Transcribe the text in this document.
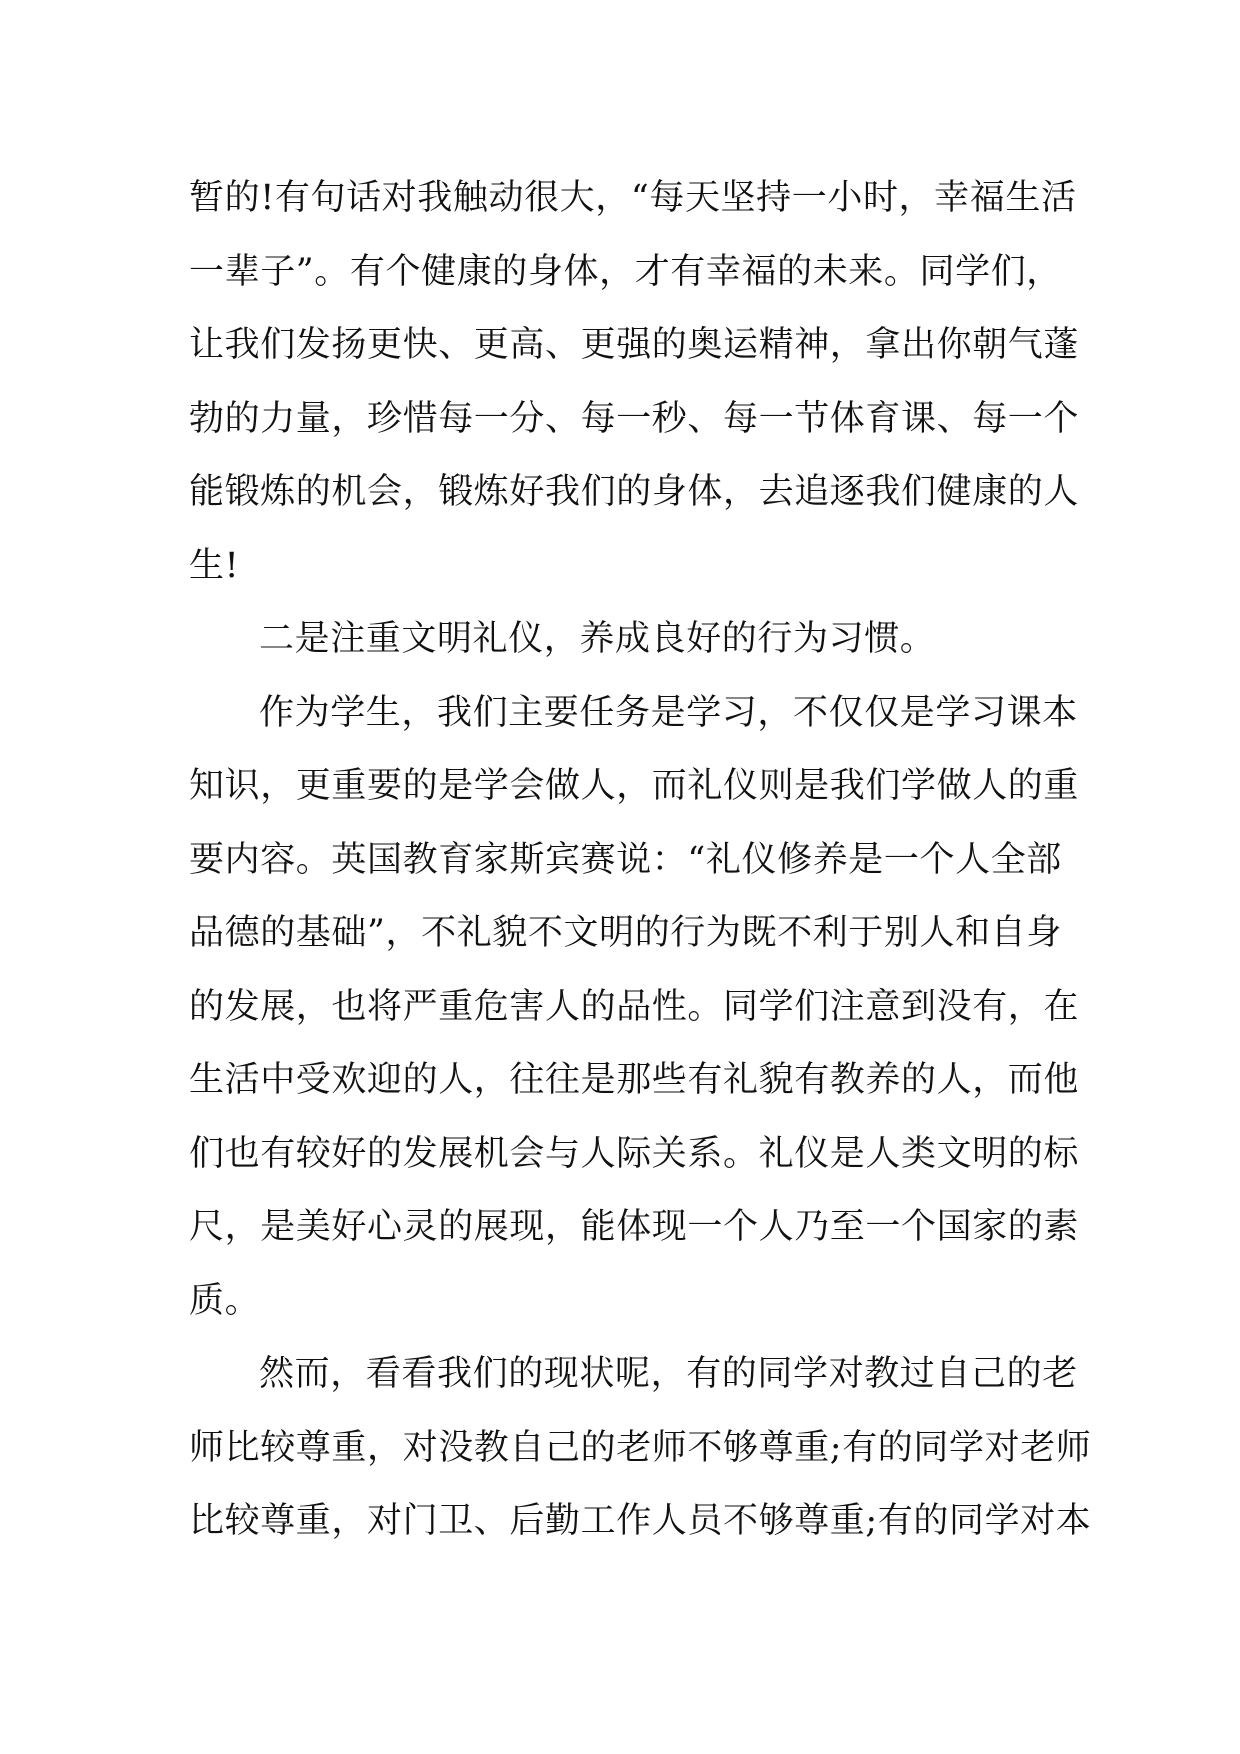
暂的!有句话对我触动很大，“每天坚持一小时，幸福生活
一辈子”。有个健康的身体，才有幸福的未来。同学们，
让我们发扬更快、更高、更强的奥运精神，拿出你朝气蓬
勃的力量，珍惜每一分、每一秒、每一节体育课、每一个
能锻炼的机会，锻炼好我们的身体，去追逐我们健康的人
生!
二是注重文明礼仪，养成良好的行为习惯。
作为学生，我们主要任务是学习，不仅仅是学习课本
知识，更重要的是学会做人，而礼仪则是我们学做人的重
要内容。英国教育家斯宾赛说：“礼仪修养是一个人全部
品德的基础”，不礼貌不文明的行为既不利于别人和自身
的发展，也将严重危害人的品性。同学们注意到没有，在
生活中受欢迎的人，往往是那些有礼貌有教养的人，而他
们也有较好的发展机会与人际关系。礼仪是人类文明的标
尺，是美好心灵的展现，能体现一个人乃至一个国家的素
质。
然而，看看我们的现状呢，有的同学对教过自己的老
师比较尊重，对没教自己的老师不够尊重;有的同学对老师
比较尊重，对门卫、后勤工作人员不够尊重;有的同学对本
